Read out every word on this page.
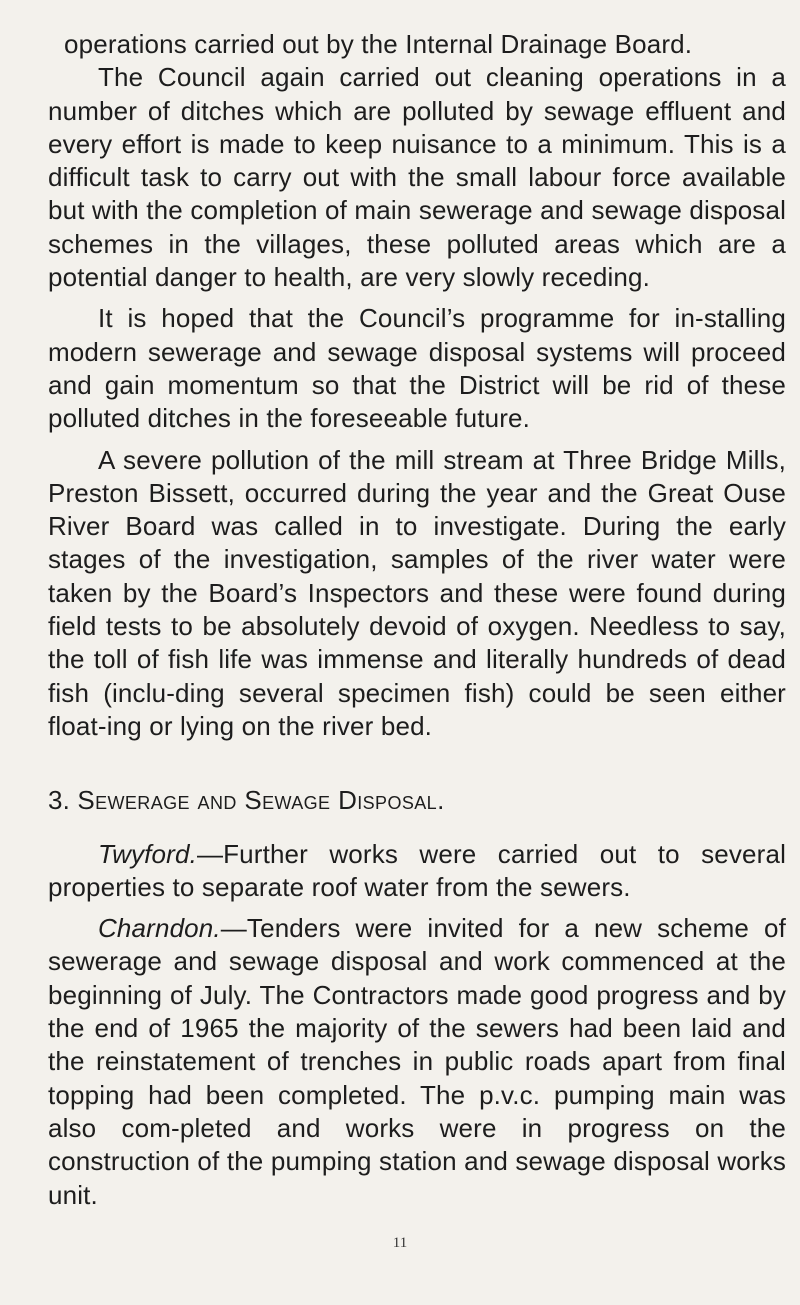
operations carried out by the Internal Drainage Board.

The Council again carried out cleaning operations in a number of ditches which are polluted by sewage effluent and every effort is made to keep nuisance to a minimum. This is a difficult task to carry out with the small labour force available but with the completion of main sewerage and sewage disposal schemes in the villages, these polluted areas which are a potential danger to health, are very slowly receding.

It is hoped that the Council’s programme for in-stalling modern sewerage and sewage disposal systems will proceed and gain momentum so that the District will be rid of these polluted ditches in the foreseeable future.

A severe pollution of the mill stream at Three Bridge Mills, Preston Bissett, occurred during the year and the Great Ouse River Board was called in to investigate. During the early stages of the investigation, samples of the river water were taken by the Board’s Inspectors and these were found during field tests to be absolutely devoid of oxygen. Needless to say, the toll of fish life was immense and literally hundreds of dead fish (inclu-ding several specimen fish) could be seen either float-ing or lying on the river bed.

3. Sewerage and Sewage Disposal.

Twyford.—Further works were carried out to several properties to separate roof water from the sewers.

Charndon.—Tenders were invited for a new scheme of sewerage and sewage disposal and work commenced at the beginning of July. The Contractors made good progress and by the end of 1965 the majority of the sewers had been laid and the reinstatement of trenches in public roads apart from final topping had been completed. The p.v.c. pumping main was also com-pleted and works were in progress on the construction of the pumping station and sewage disposal works unit.

11
